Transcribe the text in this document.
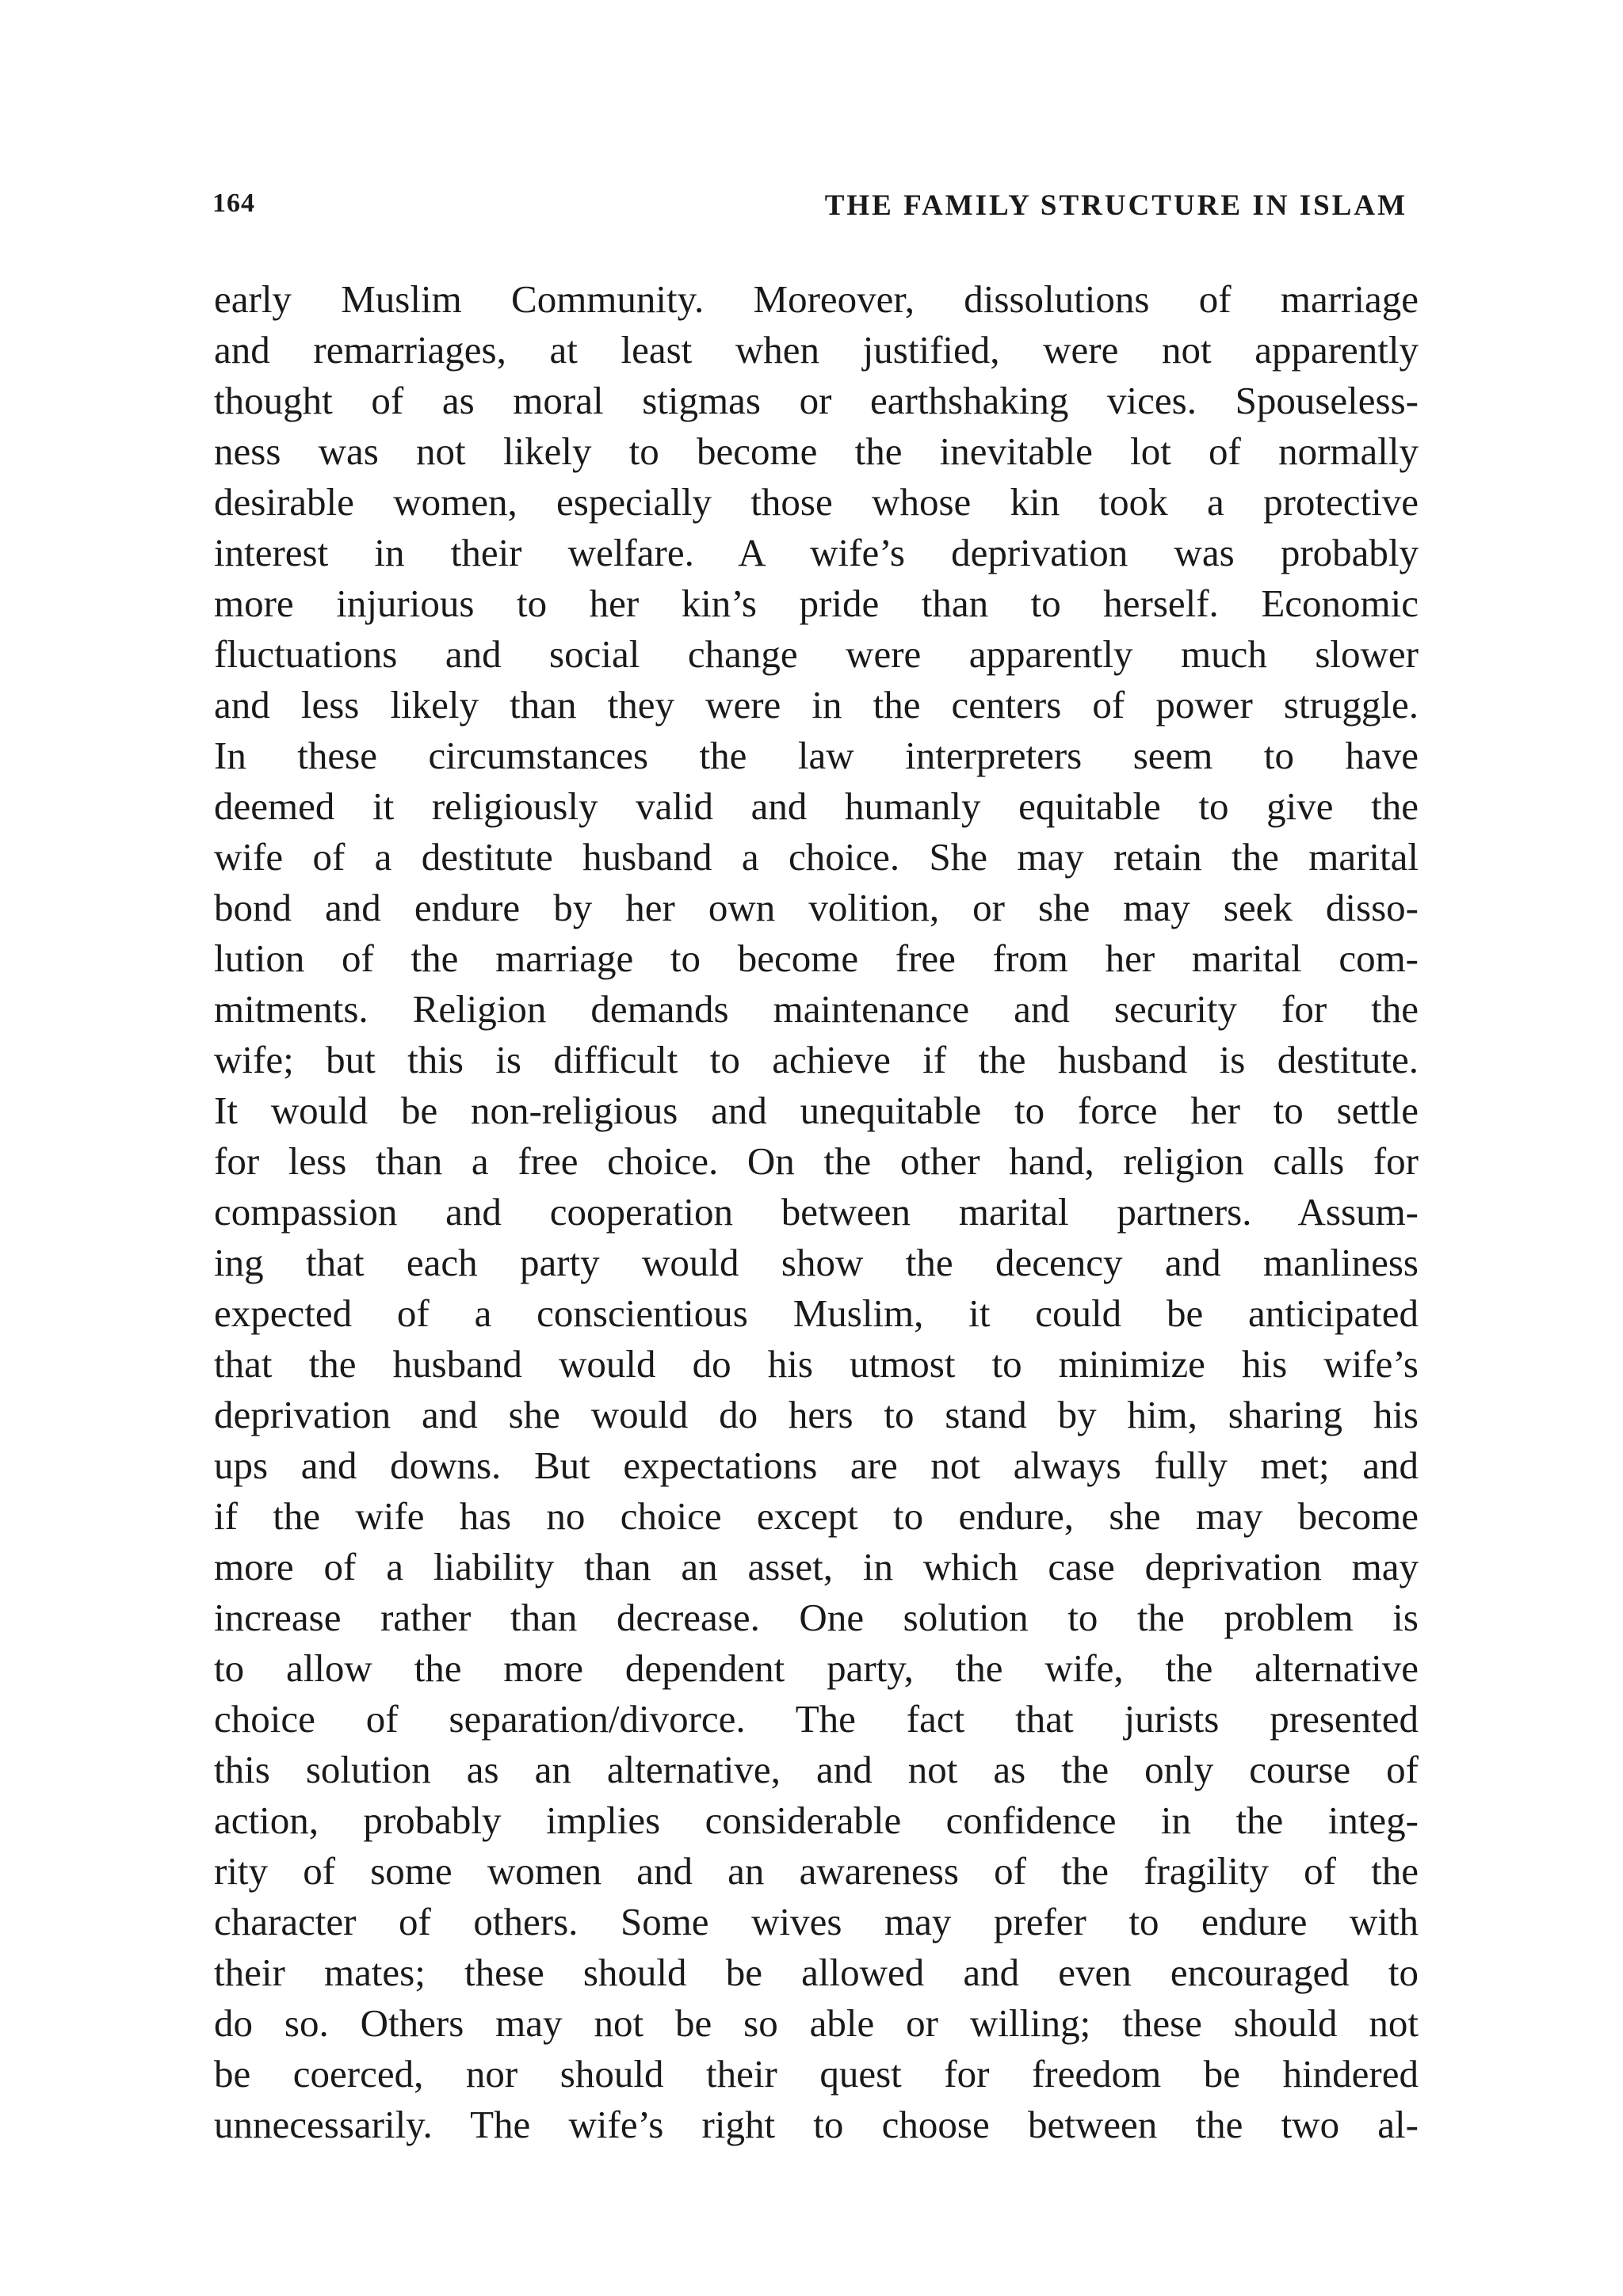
164	THE FAMILY STRUCTURE IN ISLAM
early Muslim Community. Moreover, dissolutions of marriage
and remarriages, at least when justified, were not apparently
thought of as moral stigmas or earthshaking vices. Spouseless-
ness was not likely to become the inevitable lot of normally
desirable women, especially those whose kin took a protective
interest in their welfare. A wife’s deprivation was probably
more injurious to her kin’s pride than to herself. Economic
fluctuations and social change were apparently much slower
and less likely than they were in the centers of power struggle.
In these circumstances the law interpreters seem to have
deemed it religiously valid and humanly equitable to give the
wife of a destitute husband a choice. She may retain the marital
bond and endure by her own volition, or she may seek disso-
lution of the marriage to become free from her marital com-
mitments. Religion demands maintenance and security for the
wife; but this is difficult to achieve if the husband is destitute.
It would be non-religious and unequitable to force her to settle
for less than a free choice. On the other hand, religion calls for
compassion and cooperation between marital partners. Assum-
ing that each party would show the decency and manliness
expected of a conscientious Muslim, it could be anticipated
that the husband would do his utmost to minimize his wife’s
deprivation and she would do hers to stand by him, sharing his
ups and downs. But expectations are not always fully met; and
if the wife has no choice except to endure, she may become
more of a liability than an asset, in which case deprivation may
increase rather than decrease. One solution to the problem is
to allow the more dependent party, the wife, the alternative
choice of separation/divorce. The fact that jurists presented
this solution as an alternative, and not as the only course of
action, probably implies considerable confidence in the integ-
rity of some women and an awareness of the fragility of the
character of others. Some wives may prefer to endure with
their mates; these should be allowed and even encouraged to
do so. Others may not be so able or willing; these should not
be coerced, nor should their quest for freedom be hindered
unnecessarily. The wife’s right to choose between the two al-
